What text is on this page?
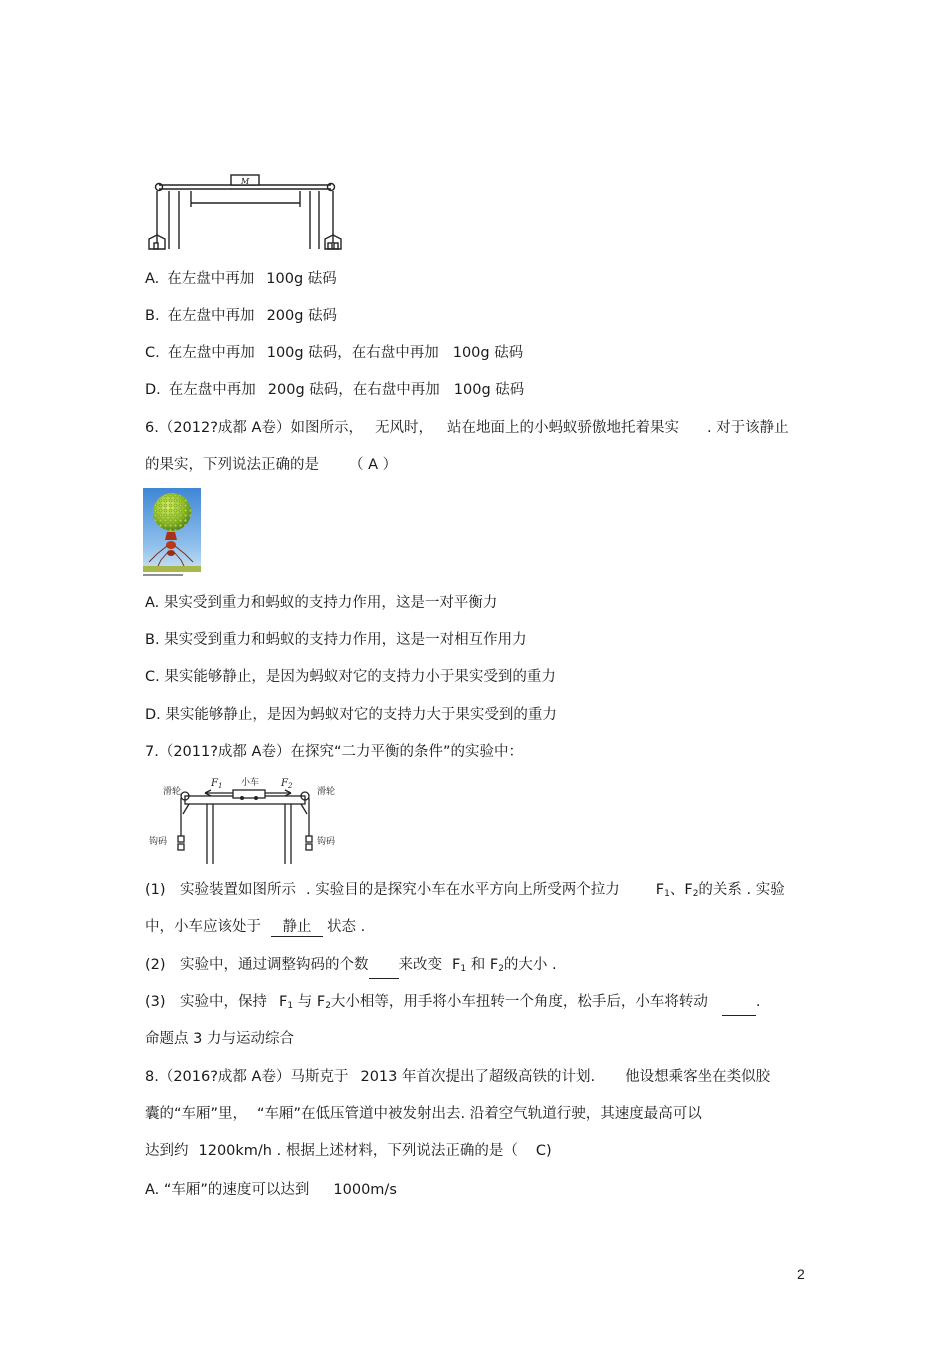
M
A. 在左盘中再加 100g 砝码
B. 在左盘中再加 200g 砝码
C. 在左盘中再加 100g 砝码，在右盘中再加 100g 砝码
D. 在左盘中再加 200g 砝码，在右盘中再加 100g 砝码
6.（2012?成都 A卷）如图所示， 无风时， 站在地面上的小蚂蚁骄傲地托着果实 . 对于该静止
的果实，下列说法正确的是 （ A ）
A. 果实受到重力和蚂蚁的支持力作用，这是一对平衡力
B. 果实受到重力和蚂蚁的支持力作用，这是一对相互作用力
C. 果实能够静止，是因为蚂蚁对它的支持力小于果实受到的重力
D. 果实能够静止，是因为蚂蚁对它的支持力大于果实受到的重力
7.（2011?成都 A卷）在探究“二力平衡的条件”的实验中：
滑轮	滑轮
小车
$F_1$	$F_2$
钩码	钩码
(1)　实验装置如图所示 . 实验目的是探究小车在水平方向上所受两个拉力 $F_1$、$F_2$的关系 . 实验
中，小车应该处于 静止 状态 .
(2)　实验中，通过调整钩码的个数 来改变 $F_1$ 和 $F_2$的大小 .
(3)　实验中，保持 $F_1$ 与 $F_2$大小相等，用手将小车扭转一个角度，松手后，小车将转动	.
命题点 3 力与运动综合
8.（2016?成都 A卷）马斯克于 2013 年首次提出了超级高铁的计划. 他设想乘客坐在类似胶
囊的“车厢”里， “车厢”在低压管道中被发射出去. 沿着空气轨道行驶，其速度最高可以
达到约 1200km/h . 根据上述材料，下列说法正确的是（ C)
A. “车厢”的速度可以达到 1000m/s
2
